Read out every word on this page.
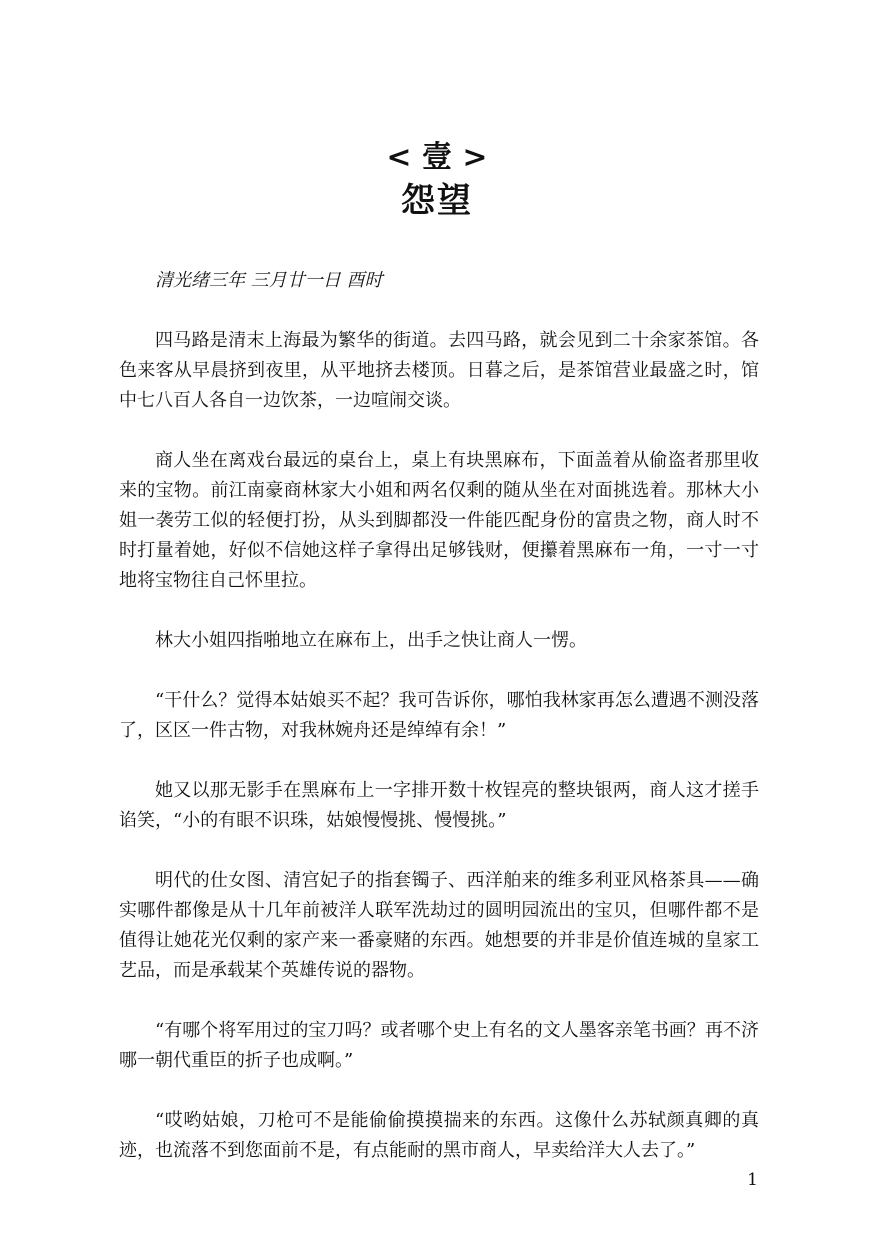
< 壹 >
怨望

清光绪三年 三月廿一日 酉时

四马路是清末上海最为繁华的街道。去四马路，就会见到二十余家茶馆。各色来客从早晨挤到夜里，从平地挤去楼顶。日暮之后，是茶馆营业最盛之时，馆中七八百人各自一边饮茶，一边喧闹交谈。

商人坐在离戏台最远的桌台上，桌上有块黑麻布，下面盖着从偷盗者那里收来的宝物。前江南豪商林家大小姐和两名仅剩的随从坐在对面挑选着。那林大小姐一袭劳工似的轻便打扮，从头到脚都没一件能匹配身份的富贵之物，商人时不时打量着她，好似不信她这样子拿得出足够钱财，便攥着黑麻布一角，一寸一寸地将宝物往自己怀里拉。

林大小姐四指啪地立在麻布上，出手之快让商人一愣。

“干什么？觉得本姑娘买不起？我可告诉你，哪怕我林家再怎么遭遇不测没落了，区区一件古物，对我林婉舟还是绰绰有余！”

她又以那无影手在黑麻布上一字排开数十枚锃亮的整块银两，商人这才搓手谄笑，“小的有眼不识珠，姑娘慢慢挑、慢慢挑。”

明代的仕女图、清宫妃子的指套镯子、西洋舶来的维多利亚风格茶具——确实哪件都像是从十几年前被洋人联军洗劫过的圆明园流出的宝贝，但哪件都不是值得让她花光仅剩的家产来一番豪赌的东西。她想要的并非是价值连城的皇家工艺品，而是承载某个英雄传说的器物。

“有哪个将军用过的宝刀吗？或者哪个史上有名的文人墨客亲笔书画？再不济哪一朝代重臣的折子也成啊。”

“哎哟姑娘，刀枪可不是能偷偷摸摸揣来的东西。这像什么苏轼颜真卿的真迹，也流落不到您面前不是，有点能耐的黑市商人，早卖给洋大人去了。”

1
